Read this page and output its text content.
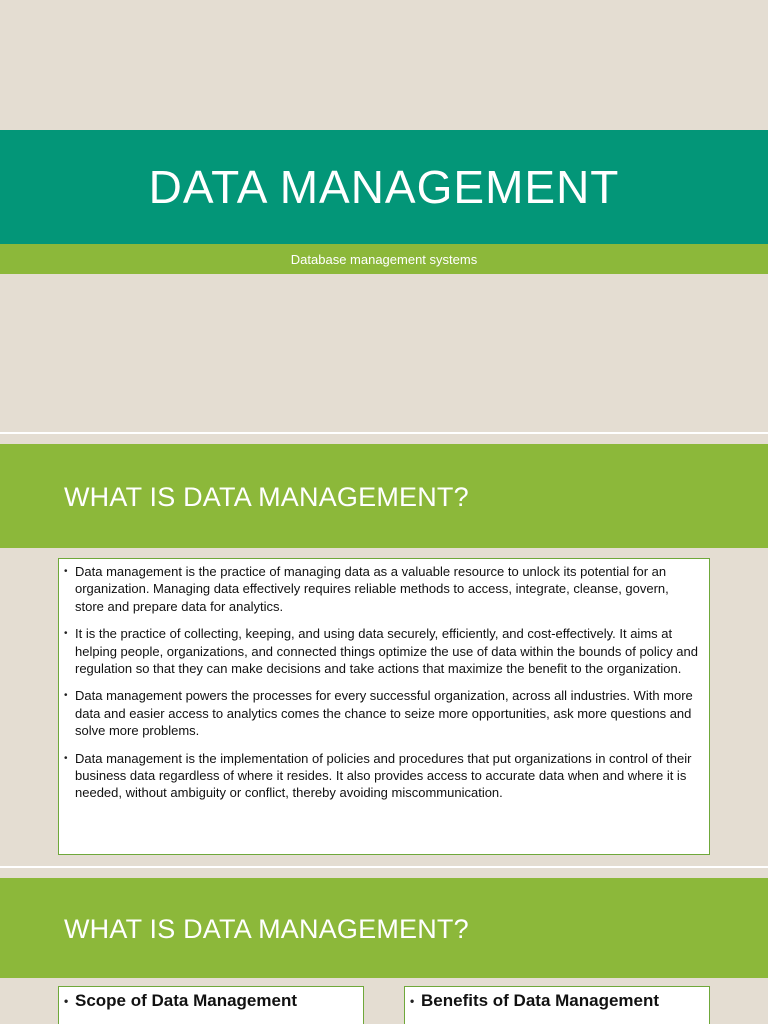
DATA MANAGEMENT
Database management systems
WHAT IS DATA MANAGEMENT?
• Data management is the practice of managing data as a valuable resource to unlock its potential for an organization. Managing data effectively requires reliable methods to access, integrate, cleanse, govern, store and prepare data for analytics.
• It is the practice of collecting, keeping, and using data securely, efficiently, and cost-effectively. It aims at helping people, organizations, and connected things optimize the use of data within the bounds of policy and regulation so that they can make decisions and take actions that maximize the benefit to the organization.
• Data management powers the processes for every successful organization, across all industries. With more data and easier access to analytics comes the chance to seize more opportunities, ask more questions and solve more problems.
• Data management is the implementation of policies and procedures that put organizations in control of their business data regardless of where it resides. It also provides access to accurate data when and where it is needed, without ambiguity or conflict, thereby avoiding miscommunication.
WHAT IS DATA MANAGEMENT?
• Scope of Data Management	• Benefits of Data Management
